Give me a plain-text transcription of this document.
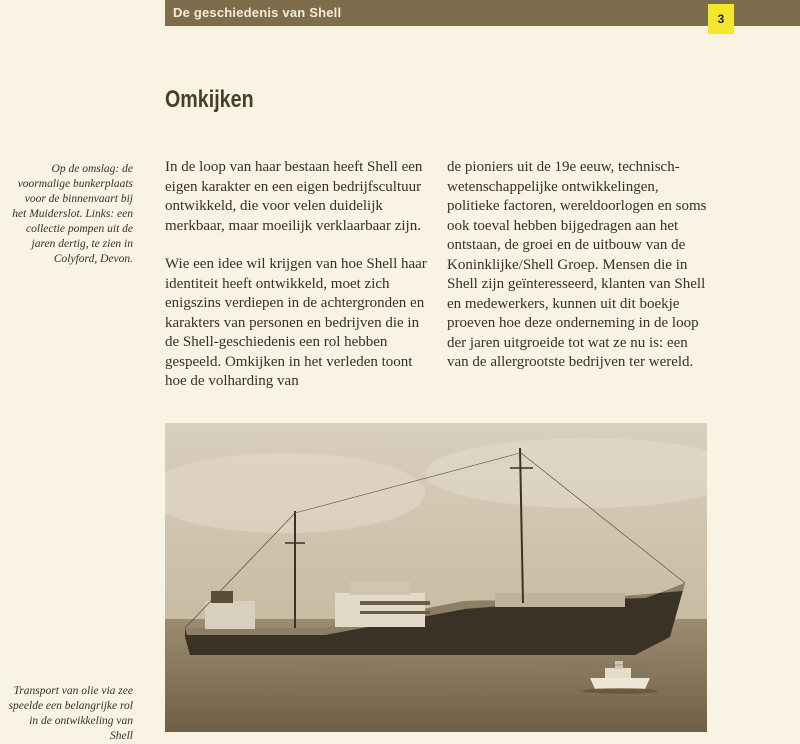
De geschiedenis van Shell	3
Omkijken
Op de omslag: de voormalige bunkerplaats voor de binnenvaart bij het Muiderslot. Links: een collectie pompen uit de jaren dertig, te zien in Colyford, Devon.

In de loop van haar bestaan heeft Shell een eigen karakter en een eigen bedrijfscultuur ontwikkeld, die voor velen duidelijk merkbaar, maar moeilijk verklaarbaar zijn.

Wie een idee wil krijgen van hoe Shell haar identiteit heeft ontwikkeld, moet zich enigszins verdiepen in de achtergronden en karakters van personen en bedrijven die in de Shell-geschiedenis een rol hebben gespeeld. Omkijken in het verleden toont hoe de volharding van

de pioniers uit de 19e eeuw, technisch-wetenschappelijke ontwikkelingen, politieke factoren, wereldoorlogen en soms ook toeval hebben bijgedragen aan het ontstaan, de groei en de uitbouw van de Koninklijke/Shell Groep. Mensen die in Shell zijn geïnteresseerd, klanten van Shell en medewerkers, kunnen uit dit boekje proeven hoe deze onderneming in de loop der jaren uitgroeide tot wat ze nu is: een van de allergrootste bedrijven ter wereld.

Transport van olie via zee speelde een belangrijke rol in de ontwikkeling van Shell
